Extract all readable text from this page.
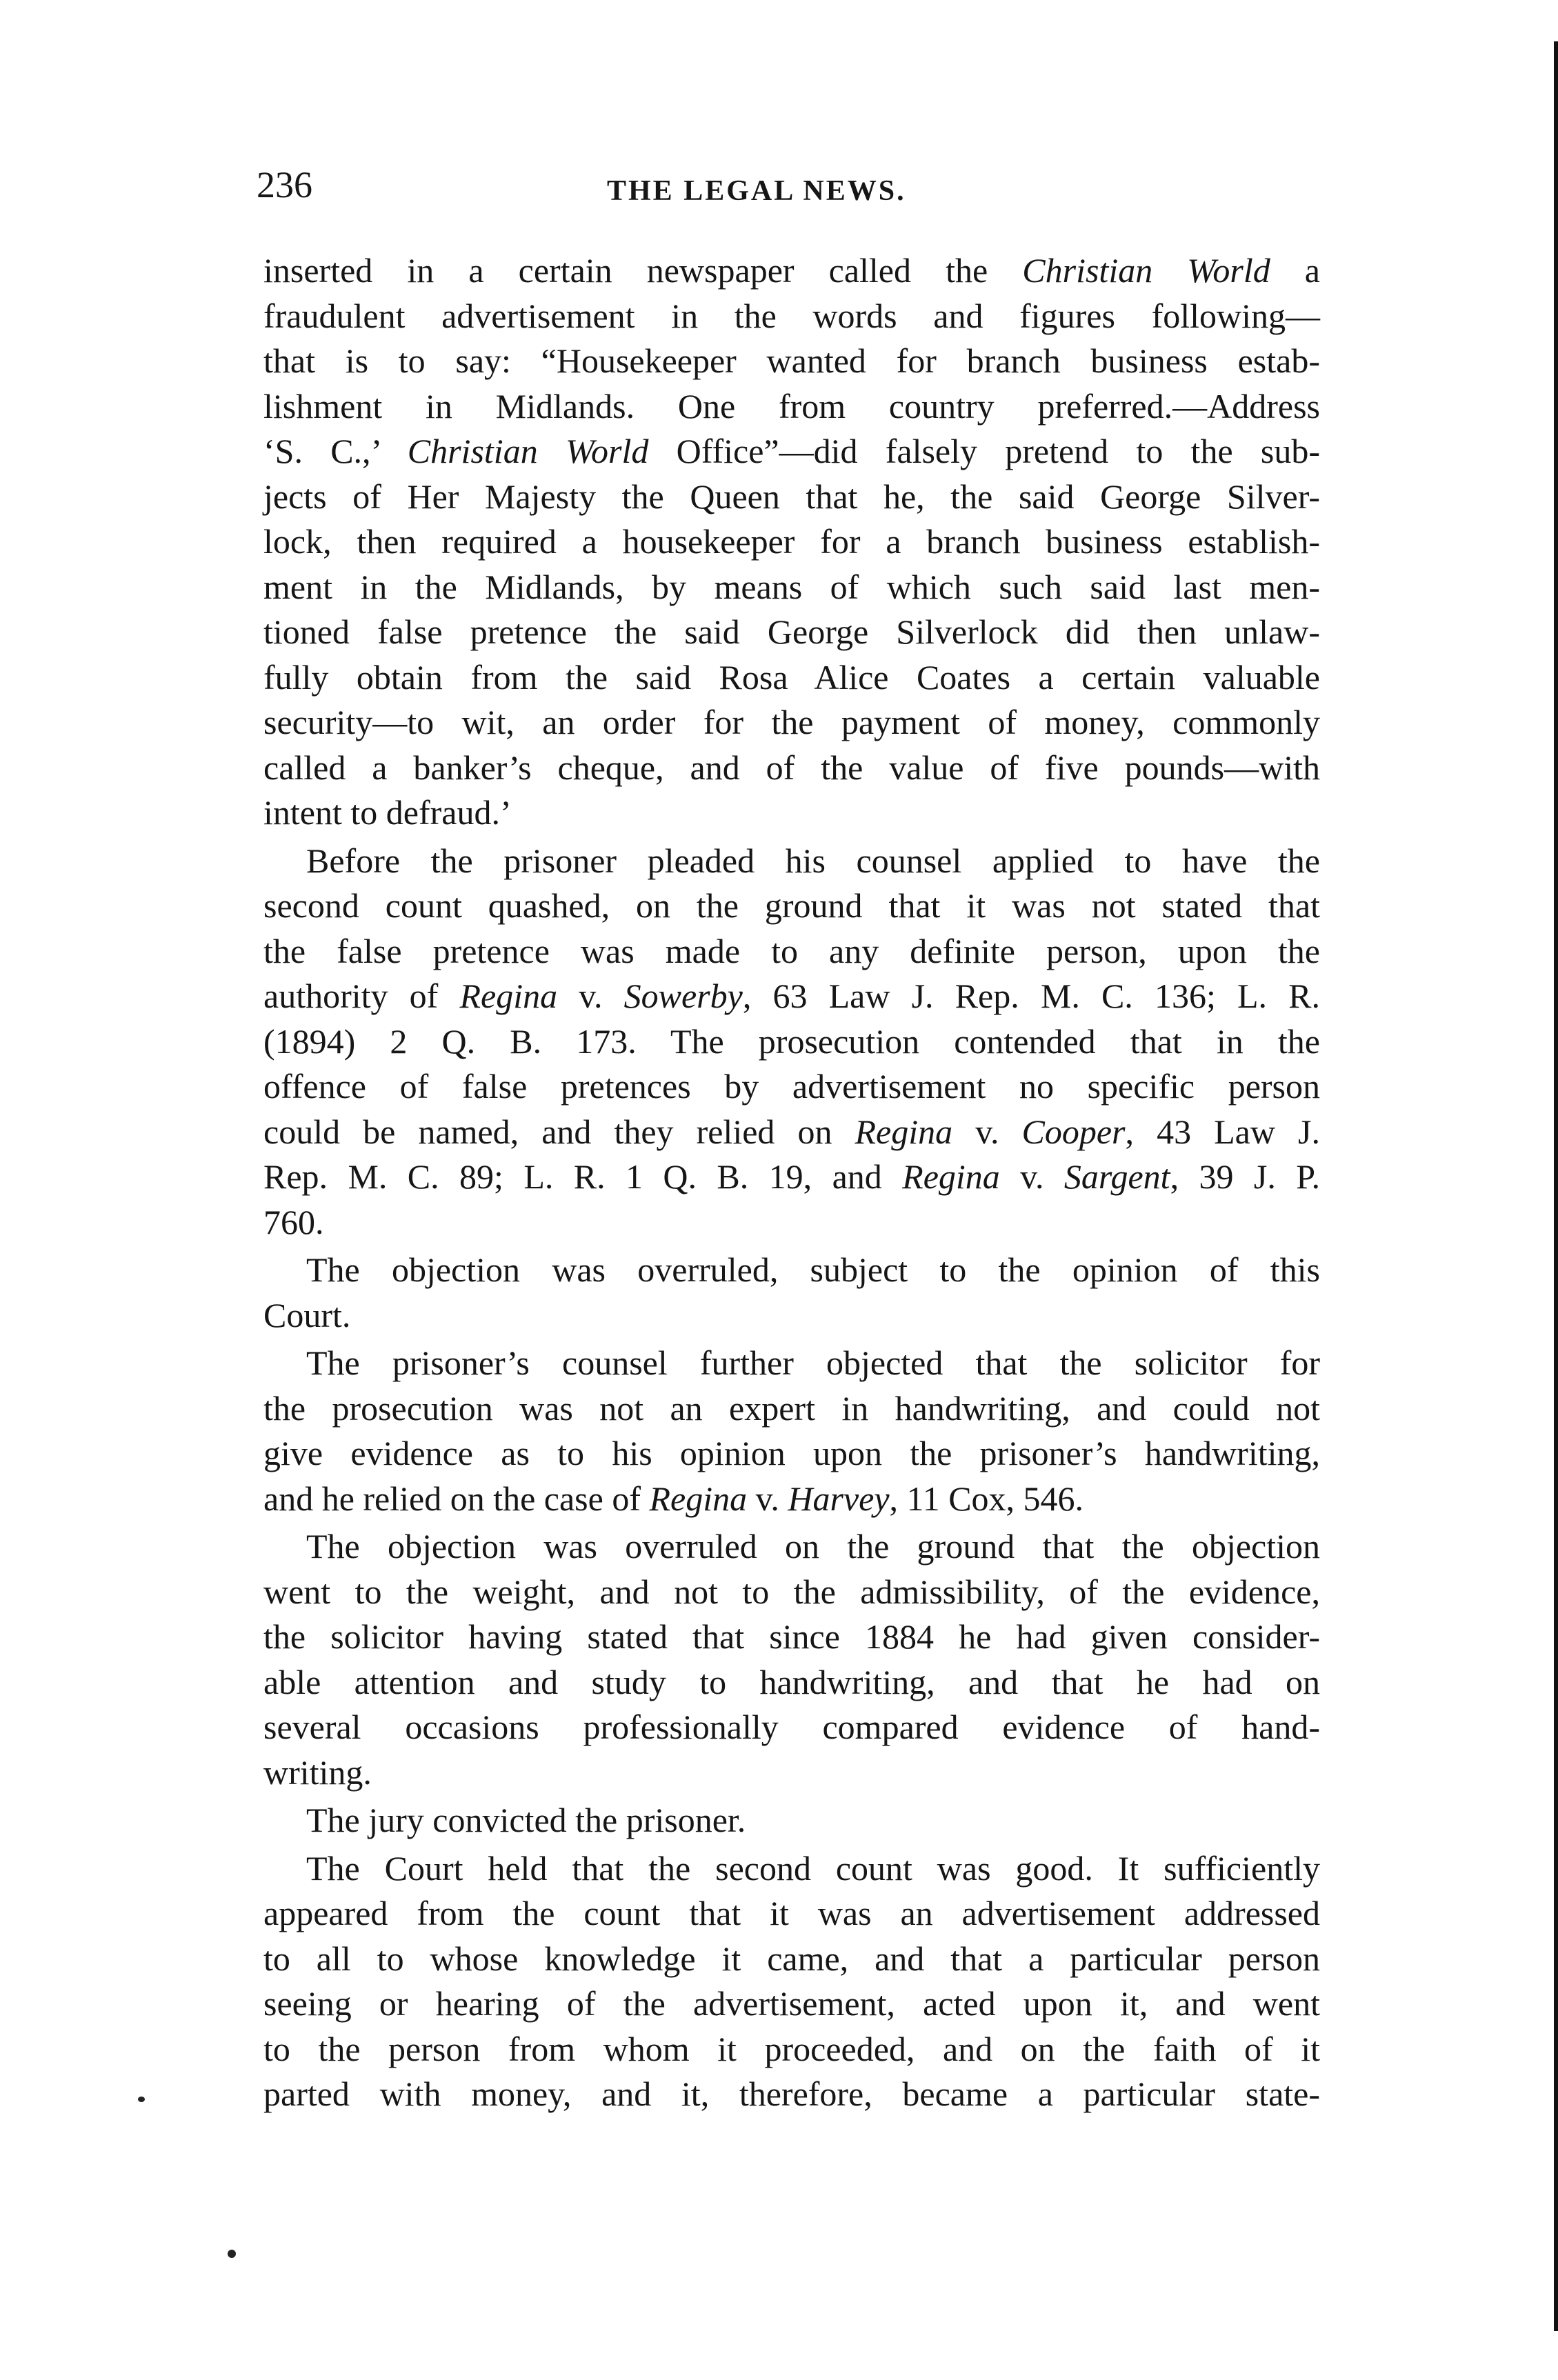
236	THE LEGAL NEWS.
inserted in a certain newspaper called the Christian World a
fraudulent advertisement in the words and figures following—
that is to say: “Housekeeper wanted for branch business estab-
lishment in Midlands. One from country preferred.—Address
‘S. C.,’ Christian World Office”—did falsely pretend to the sub-
jects of Her Majesty the Queen that he, the said George Silver-
lock, then required a housekeeper for a branch business establish-
ment in the Midlands, by means of which such said last men-
tioned false pretence the said George Silverlock did then unlaw-
fully obtain from the said Rosa Alice Coates a certain valuable
security—to wit, an order for the payment of money, commonly
called a banker’s cheque, and of the value of five pounds—with
intent to defraud.’
Before the prisoner pleaded his counsel applied to have the
second count quashed, on the ground that it was not stated that
the false pretence was made to any definite person, upon the
authority of Regina v. Sowerby, 63 Law J. Rep. M. C. 136; L. R.
(1894) 2 Q. B. 173. The prosecution contended that in the
offence of false pretences by advertisement no specific person
could be named, and they relied on Regina v. Cooper, 43 Law J.
Rep. M. C. 89; L. R. 1 Q. B. 19, and Regina v. Sargent, 39 J. P.
760.
The objection was overruled, subject to the opinion of this
Court.
The prisoner’s counsel further objected that the solicitor for
the prosecution was not an expert in handwriting, and could not
give evidence as to his opinion upon the prisoner’s handwriting,
and he relied on the case of Regina v. Harvey, 11 Cox, 546.
The objection was overruled on the ground that the objection
went to the weight, and not to the admissibility, of the evidence,
the solicitor having stated that since 1884 he had given consider-
able attention and study to handwriting, and that he had on
several occasions professionally compared evidence of hand-
writing.
The jury convicted the prisoner.
The Court held that the second count was good. It sufficiently
appeared from the count that it was an advertisement addressed
to all to whose knowledge it came, and that a particular person
seeing or hearing of the advertisement, acted upon it, and went
to the person from whom it proceeded, and on the faith of it
parted with money, and it, therefore, became a particular state-
